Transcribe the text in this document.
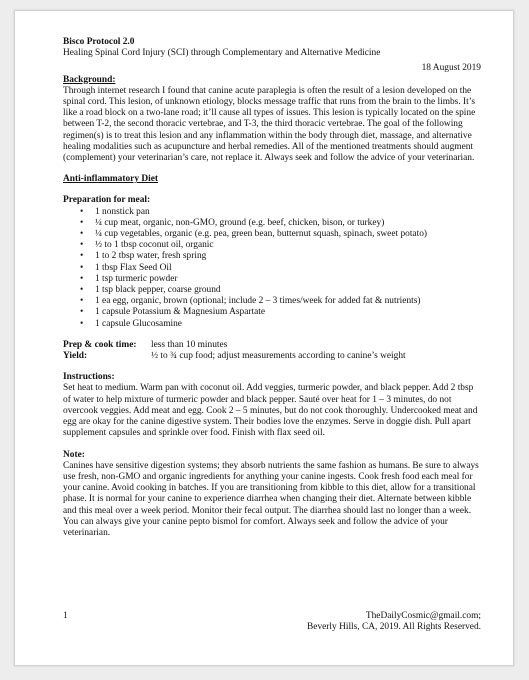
Bisco Protocol 2.0
Healing Spinal Cord Injury (SCI) through Complementary and Alternative Medicine
18 August 2019
Background:

Through internet research I found that canine acute paraplegia is often the result of a lesion developed on the spinal cord. This lesion, of unknown etiology, blocks message traffic that runs from the brain to the limbs. It’s like a road block on a two-lane road; it’ll cause all types of issues. This lesion is typically located on the spine between T-2, the second thoracic vertebrae, and T-3, the third thoracic vertebrae. The goal of the following regimen(s) is to treat this lesion and any inflammation within the body through diet, massage, and alternative healing modalities such as acupuncture and herbal remedies. All of the mentioned treatments should augment (complement) your veterinarian’s care, not replace it. Always seek and follow the advice of your veterinarian.

Anti-inflammatory Diet
Preparation for meal:
• 1 nonstick pan
• ¼ cup meat, organic, non-GMO, ground (e.g. beef, chicken, bison, or turkey)
• ¼ cup vegetables, organic (e.g. pea, green bean, butternut squash, spinach, sweet potato)
• ½ to 1 tbsp coconut oil, organic
• 1 to 2 tbsp water, fresh spring
• 1 tbsp Flax Seed Oil
• 1 tsp turmeric powder
• 1 tsp black pepper, coarse ground
• 1 ea egg, organic, brown (optional; include 2 – 3 times/week for added fat & nutrients)
• 1 capsule Potassium & Magnesium Aspartate
• 1 capsule Glucosamine
Prep & cook time:	less than 10 minutes
Yield:	½ to ¾ cup food; adjust measurements according to canine’s weight
Instructions:

Set heat to medium. Warm pan with coconut oil. Add veggies, turmeric powder, and black pepper. Add 2 tbsp of water to help mixture of turmeric powder and black pepper. Sauté over heat for 1 – 3 minutes, do not overcook veggies. Add meat and egg. Cook 2 – 5 minutes, but do not cook thoroughly. Undercooked meat and egg are okay for the canine digestive system. Their bodies love the enzymes. Serve in doggie dish. Pull apart supplement capsules and sprinkle over food. Finish with flax seed oil.

Note:

Canines have sensitive digestion systems; they absorb nutrients the same fashion as humans. Be sure to always use fresh, non-GMO and organic ingredients for anything your canine ingests. Cook fresh food each meal for your canine. Avoid cooking in batches. If you are transitioning from kibble to this diet, allow for a transitional phase. It is normal for your canine to experience diarrhea when changing their diet. Alternate between kibble and this meal over a week period. Monitor their fecal output. The diarrhea should last no longer than a week. You can always give your canine pepto bismol for comfort. Always seek and follow the advice of your veterinarian.

1	TheDailyCosmic@gmail.com;
Beverly Hills, CA, 2019. All Rights Reserved.
